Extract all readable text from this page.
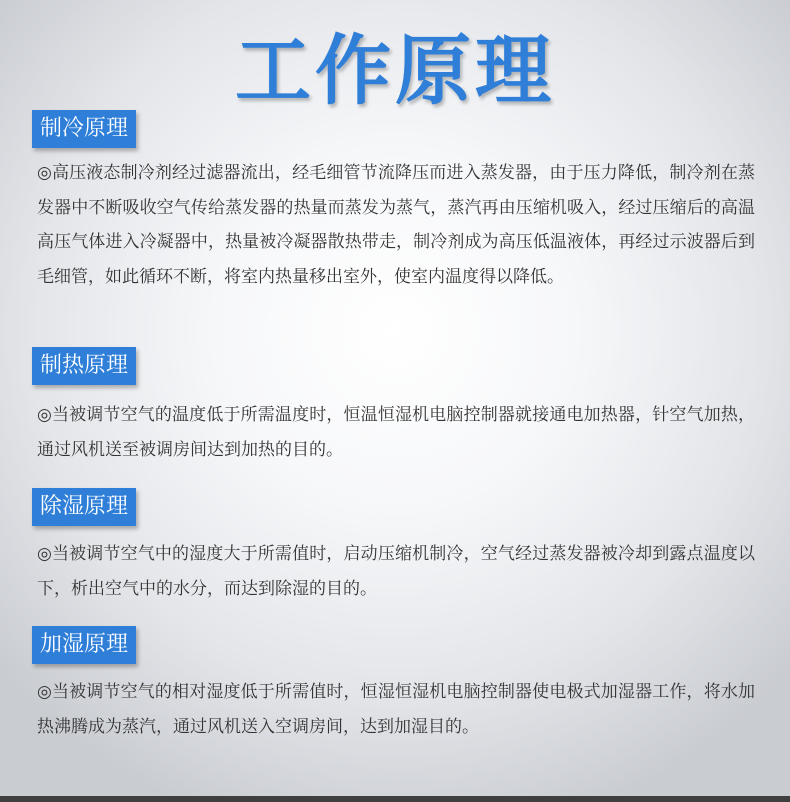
工作原理
制冷原理
◎高压液态制冷剂经过滤器流出，经毛细管节流降压而进入蒸发器，由于压力降低，制冷剂在蒸发器中不断吸收空气传给蒸发器的热量而蒸发为蒸气，蒸汽再由压缩机吸入，经过压缩后的高温高压气体进入冷凝器中，热量被冷凝器散热带走，制冷剂成为高压低温液体，再经过示波器后到毛细管，如此循环不断，将室内热量移出室外，使室内温度得以降低。
制热原理
◎当被调节空气的温度低于所需温度时，恒温恒湿机电脑控制器就接通电加热器，针空气加热，通过风机送至被调房间达到加热的目的。
除湿原理
◎当被调节空气中的湿度大于所需值时，启动压缩机制冷，空气经过蒸发器被冷却到露点温度以下，析出空气中的水分，而达到除湿的目的。
加湿原理
◎当被调节空气的相对湿度低于所需值时，恒湿恒湿机电脑控制器使电极式加湿器工作，将水加热沸腾成为蒸汽，通过风机送入空调房间，达到加湿目的。
